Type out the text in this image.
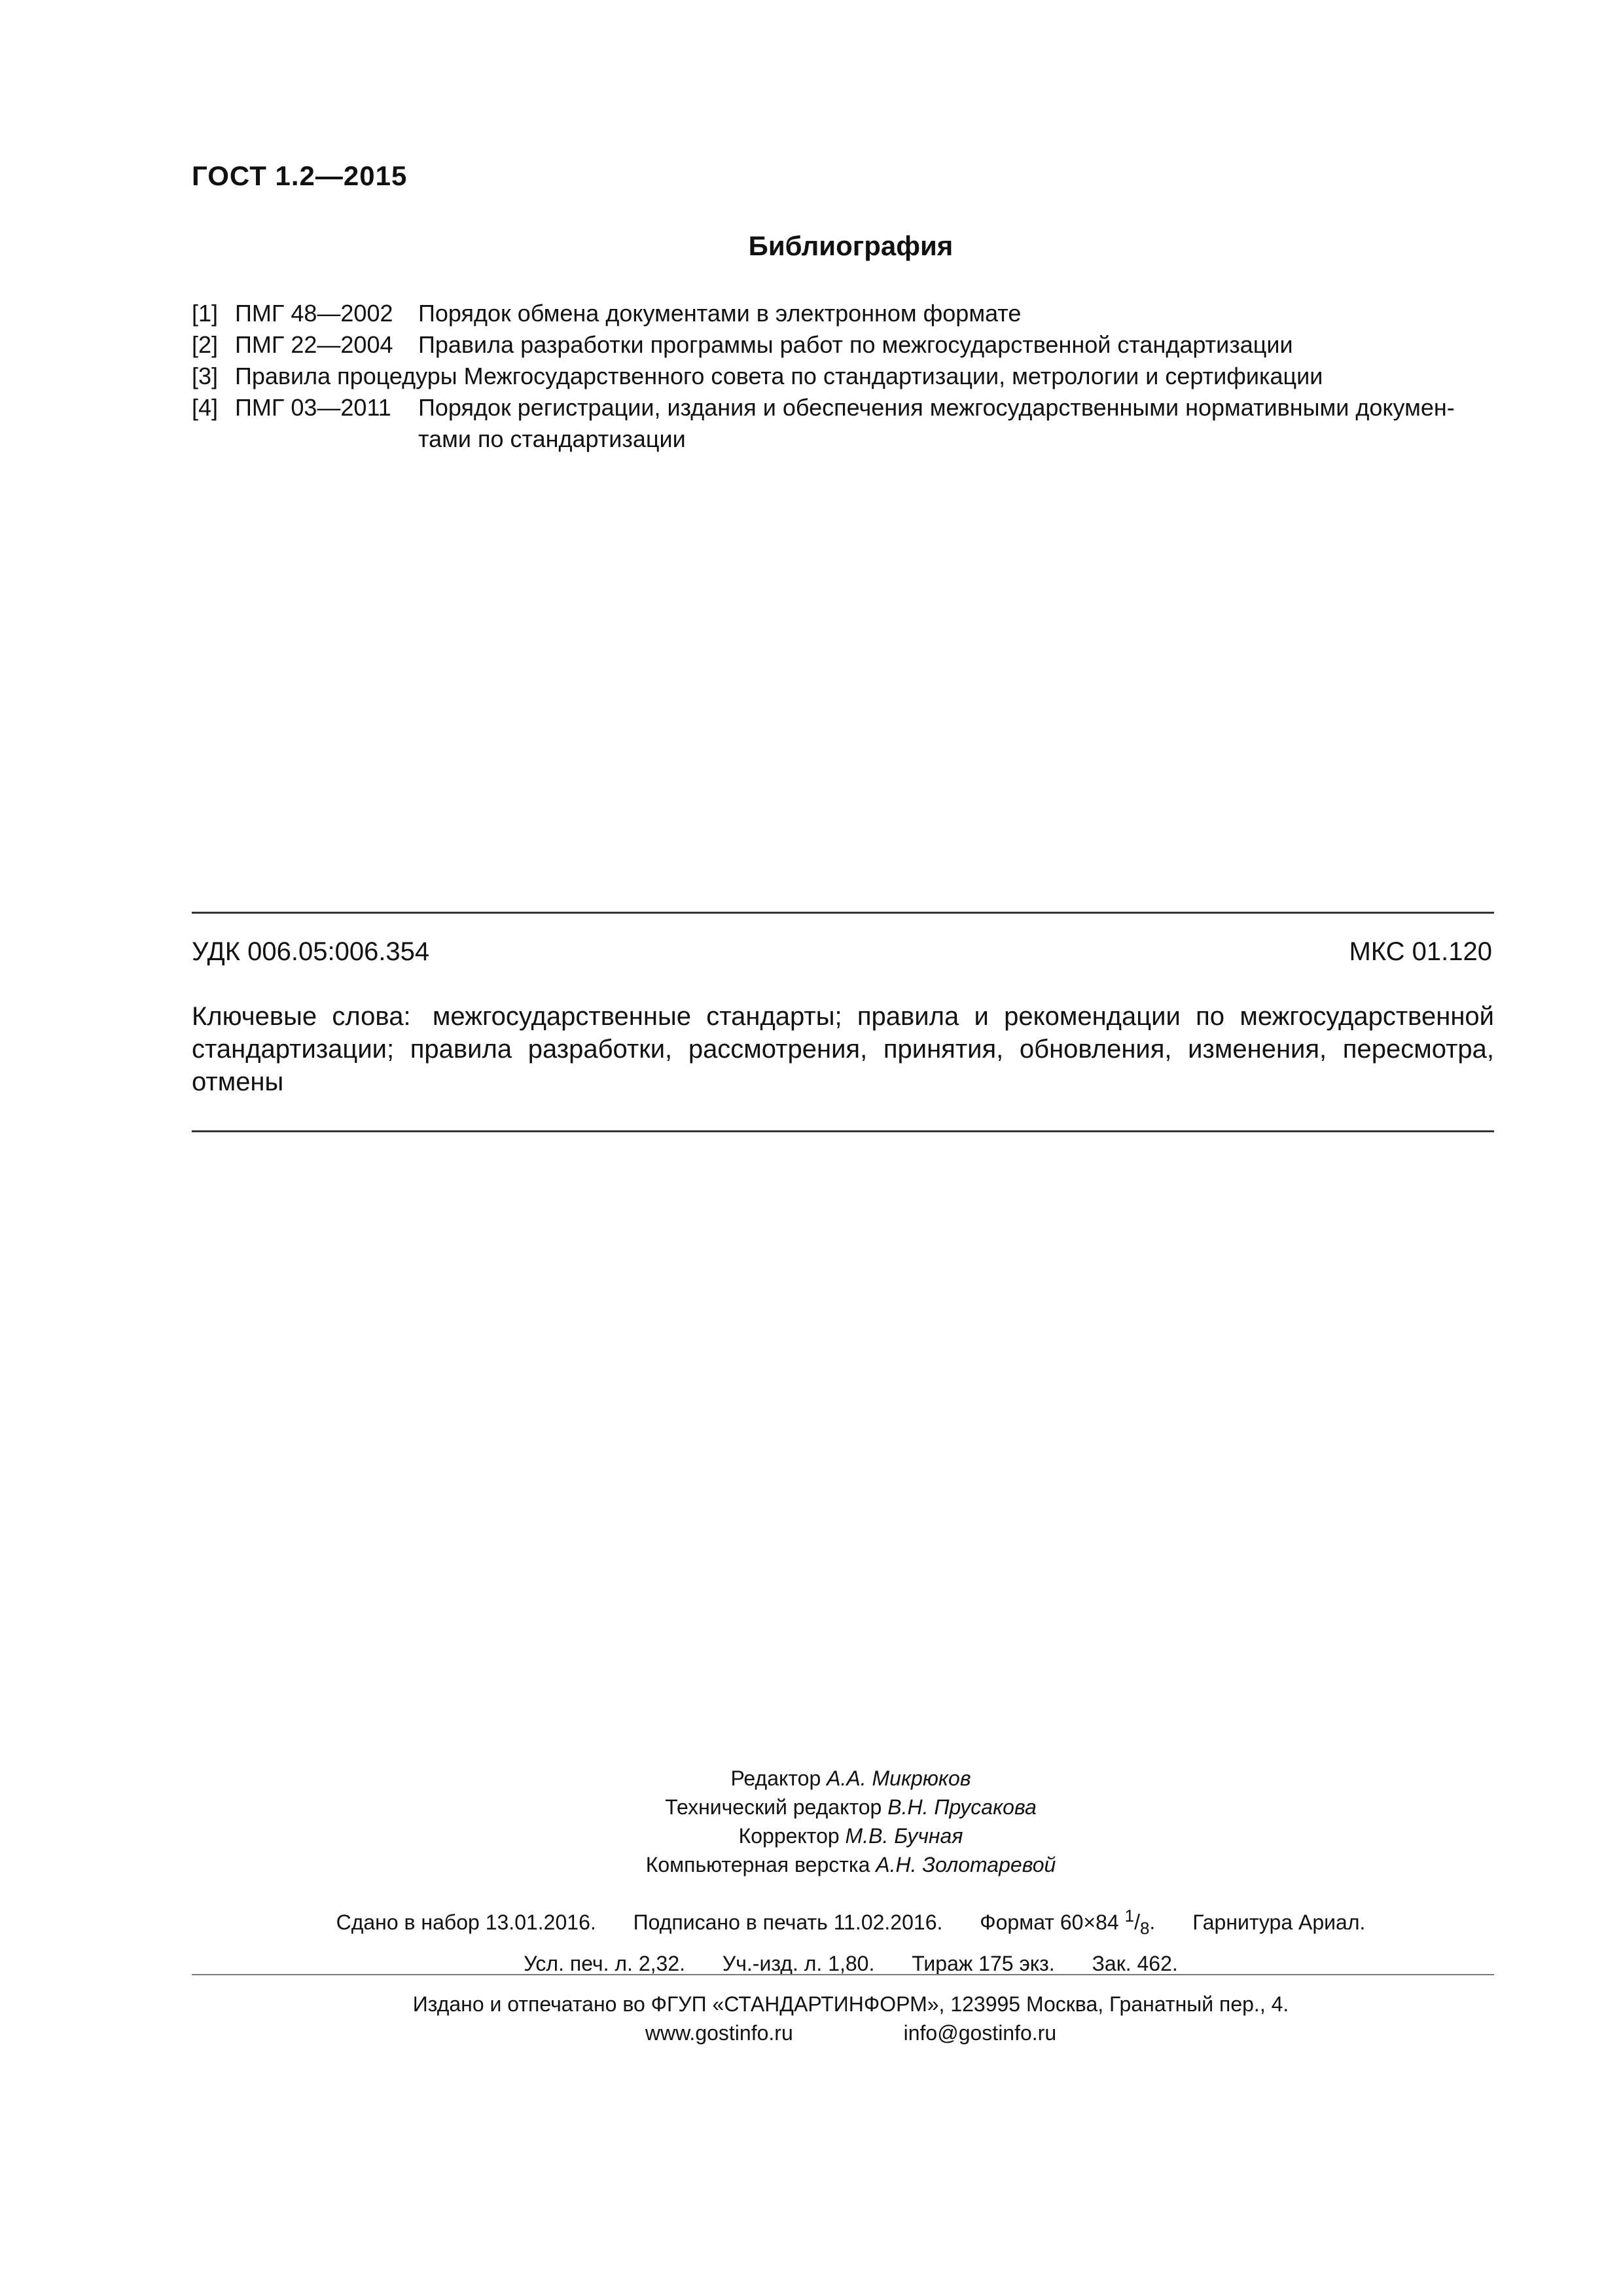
ГОСТ 1.2—2015
Библиография
[1] ПМГ 48—2002	Порядок обмена документами в электронном формате
[2] ПМГ 22—2004	Правила разработки программы работ по межгосударственной стандартизации
[3] Правила процедуры Межгосударственного совета по стандартизации, метрологии и сертификации
[4] ПМГ 03—2011	Порядок регистрации, издания и обеспечения межгосударственными нормативными докумен-
тами по стандартизации
УДК 006.05:006.354	МКС 01.120
Ключевые слова: межгосударственные стандарты; правила и рекомендации по межгосударственной стандартизации; правила разработки, рассмотрения, принятия, обновления, изменения, пересмотра, отмены
Редактор А.А. Микрюков
Технический редактор В.Н. Прусакова
Корректор М.В. Бучная
Компьютерная верстка А.Н. Золотаревой
Сдано в набор 13.01.2016. Подписано в печать 11.02.2016. Формат 60×84 1/8. Гарнитура Ариал.
Усл. печ. л. 2,32. Уч.-изд. л. 1,80. Тираж 175 экз. Зак. 462.
Издано и отпечатано во ФГУП «СТАНДАРТИНФОРМ», 123995 Москва, Гранатный пер., 4.
www.gostinfo.ru	info@gostinfo.ru
